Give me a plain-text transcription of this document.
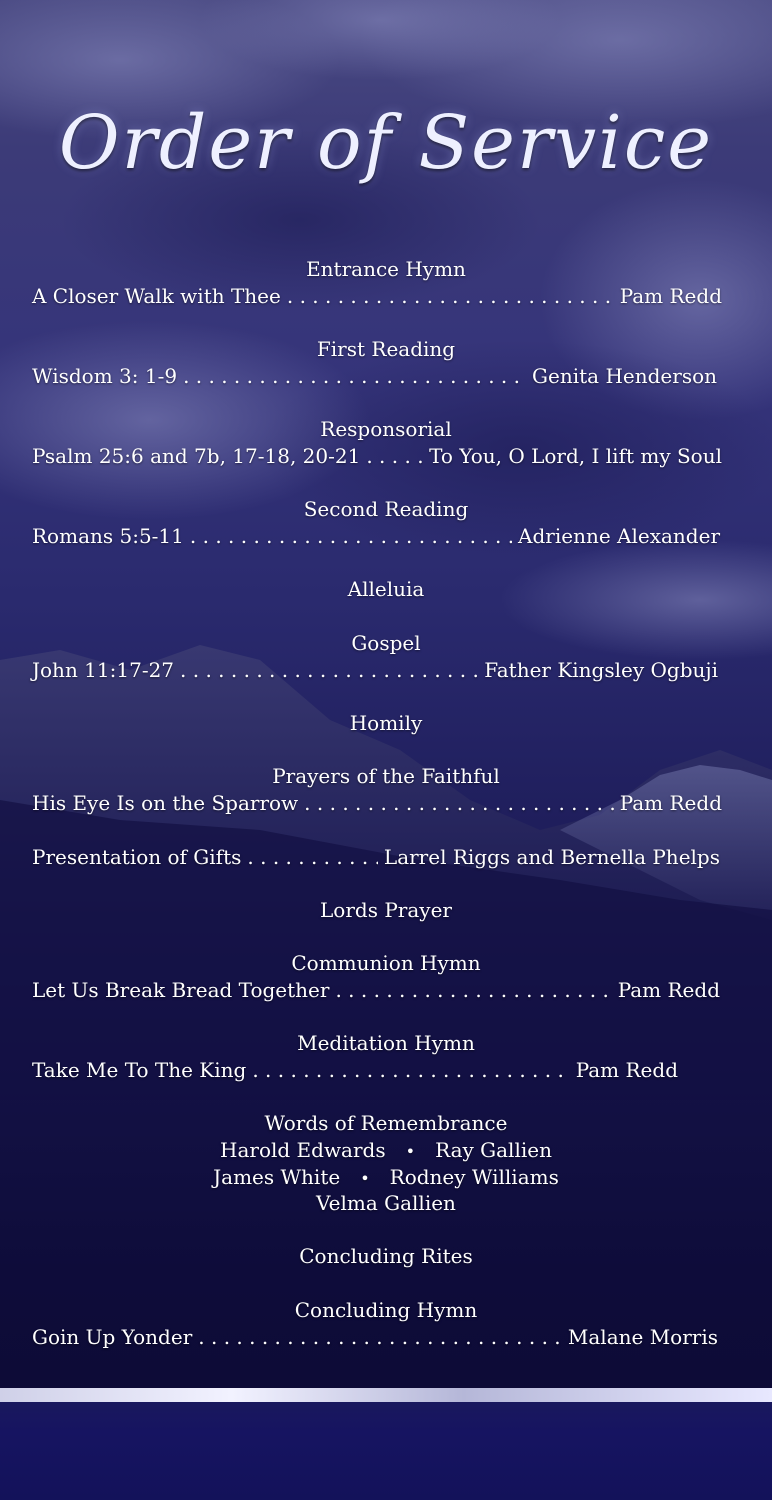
Order of Service
Entrance Hymn
A Closer Walk with Thee . . .	Pam Redd
First Reading
Wisdom 3: 1-9 . . .	Genita Henderson
Responsorial
Psalm 25:6 and 7b, 17-18, 20-21 . . .	To You, O Lord, I lift my Soul
Second Reading
Romans 5:5-11 . . .	Adrienne Alexander
Alleluia
Gospel
John 11:17-27 . . .	Father Kingsley Ogbuji
Homily
Prayers of the Faithful
His Eye Is on the Sparrow . . .	Pam Redd
Presentation of Gifts . . .	Larrel Riggs and Bernella Phelps
Lords Prayer
Communion Hymn
Let Us Break Bread Together . . .	Pam Redd
Meditation Hymn
Take Me To The King . . .	Pam Redd
Words of Remembrance
Harold Edwards • Ray Gallien
James White • Rodney Williams
Velma Gallien
Concluding Rites
Concluding Hymn
Goin Up Yonder . . .	Malane Morris
